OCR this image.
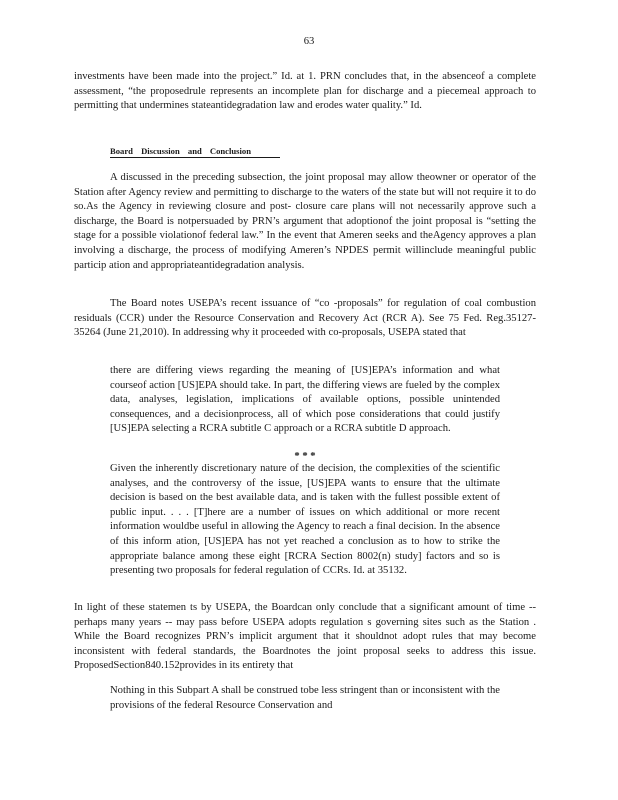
63

investments have been made into the project.” Id. at 1. PRN concludes that, in the absenceof a complete assessment, “the proposedrule represents an incomplete plan for discharge and a piecemeal approach to permitting that undermines stateantidegradation law and erodes water quality.” Id.

Board Discussion and Conclusion

A discussed in the preceding subsection, the joint proposal may allow theowner or operator of the Station after Agency review and permitting to discharge to the waters of the state but will not require it to do so.As the Agency in reviewing closure and post- closure care plans will not necessarily approve such a discharge, the Board is notpersuaded by PRN’s argument that adoptionof the joint proposal is “setting the stage for a possible violationof federal law.” In the event that Ameren seeks and theAgency approves a plan involving a discharge, the process of modifying Ameren’s NPDES permit willinclude meaningful public particip ation and appropriateantidegradation analysis.

The Board notes USEPA’s recent issuance of “co -proposals” for regulation of coal combustion residuals (CCR) under the Resource Conservation and Recovery Act (RCR A). See 75 Fed. Reg.35127-35264 (June 21,2010). In addressing why it proceeded with co-proposals, USEPA stated that

there are differing views regarding the meaning of [US]EPA’s information and what courseof action [US]EPA should take. In part, the differing views are fueled by the complex data, analyses, legislation, implications of available options, possible unintended consequences, and a decisionprocess, all of which pose considerations that could justify [US]EPA selecting a RCRA subtitle C approach or a RCRA subtitle D approach.

* * *

Given the inherently discretionary nature of the decision, the complexities of the scientific analyses, and the controversy of the issue, [US]EPA wants to ensure that the ultimate decision is based on the best available data, and is taken with the fullest possible extent of public input. . . . [T]here are a number of issues on which additional or more recent information wouldbe useful in allowing the Agency to reach a final decision. In the absence of this inform ation, [US]EPA has not yet reached a conclusion as to how to strike the appropriate balance among these eight [RCRA Section 8002(n) study] factors and so is presenting two proposals for federal regulation of CCRs. Id. at 35132.

In light of these statemen ts by USEPA, the Boardcan only conclude that a significant amount of time -- perhaps many years -- may pass before USEPA adopts regulation s governing sites such as the Station . While the Board recognizes PRN’s implicit argument that it shouldnot adopt rules that may become inconsistent with federal standards, the Boardnotes the joint proposal seeks to address this issue. ProposedSection840.152provides in its entirety that

Nothing in this Subpart A shall be construed tobe less stringent than or inconsistent with the provisions of the federal Resource Conservation and
